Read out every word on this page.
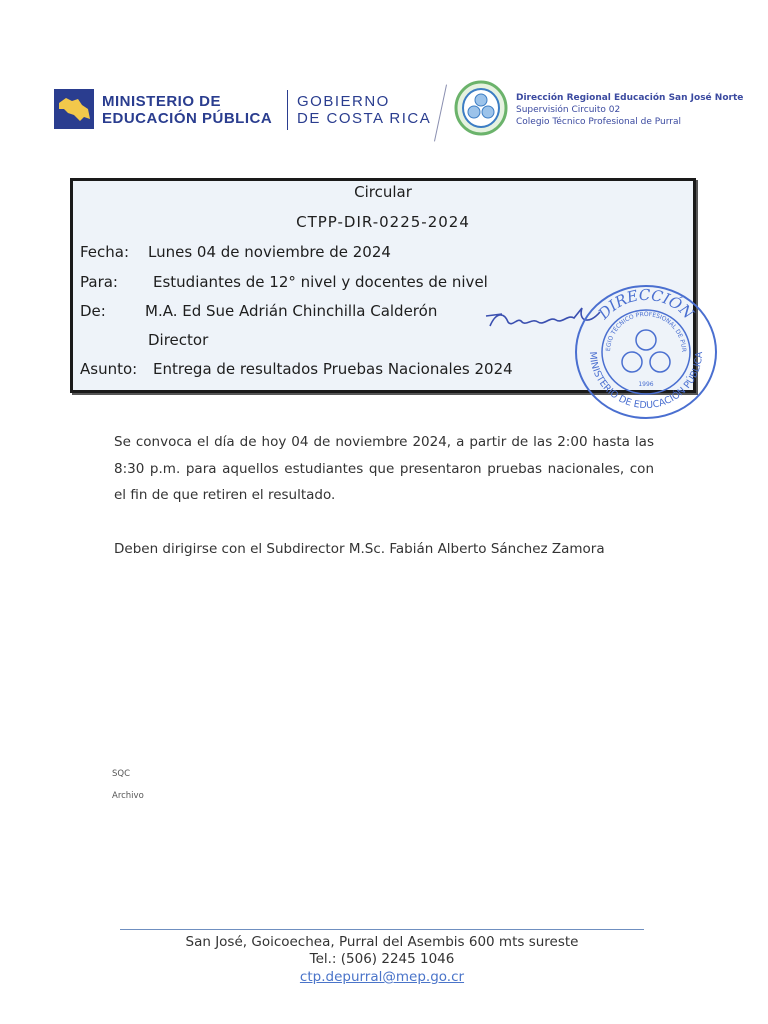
MINISTERIO DE
EDUCACIÓN PÚBLICA
GOBIERNO
DE COSTA RICA
Dirección Regional Educación San José Norte
Supervisión Circuito 02
Colegio Técnico Profesional de Purral
Circular
CTPP-DIR-0225-2024
Fecha: Lunes 04 de noviembre de 2024
Para: Estudiantes de 12° nivel y docentes de nivel
De:	M.A. Ed Sue Adrián Chinchilla Calderón
Director
Asunto: Entrega de resultados Pruebas Nacionales 2024
DIRECCIÓN
EGIO TÉCNICO PROFESIONAL DE PUR
MINISTERIO DE EDUCACIÓN PÚBLICA
1996
Se convoca el día de hoy 04 de noviembre 2024, a partir de las 2:00 hasta las 8:30 p.m. para aquellos estudiantes que presentaron pruebas nacionales, con el fin de que retiren el resultado.
Deben dirigirse con el Subdirector M.Sc. Fabián Alberto Sánchez Zamora
SQC
Archivo
San José, Goicoechea, Purral del Asembis 600 mts sureste
Tel.: (506) 2245 1046
ctp.depurral@mep.go.cr
